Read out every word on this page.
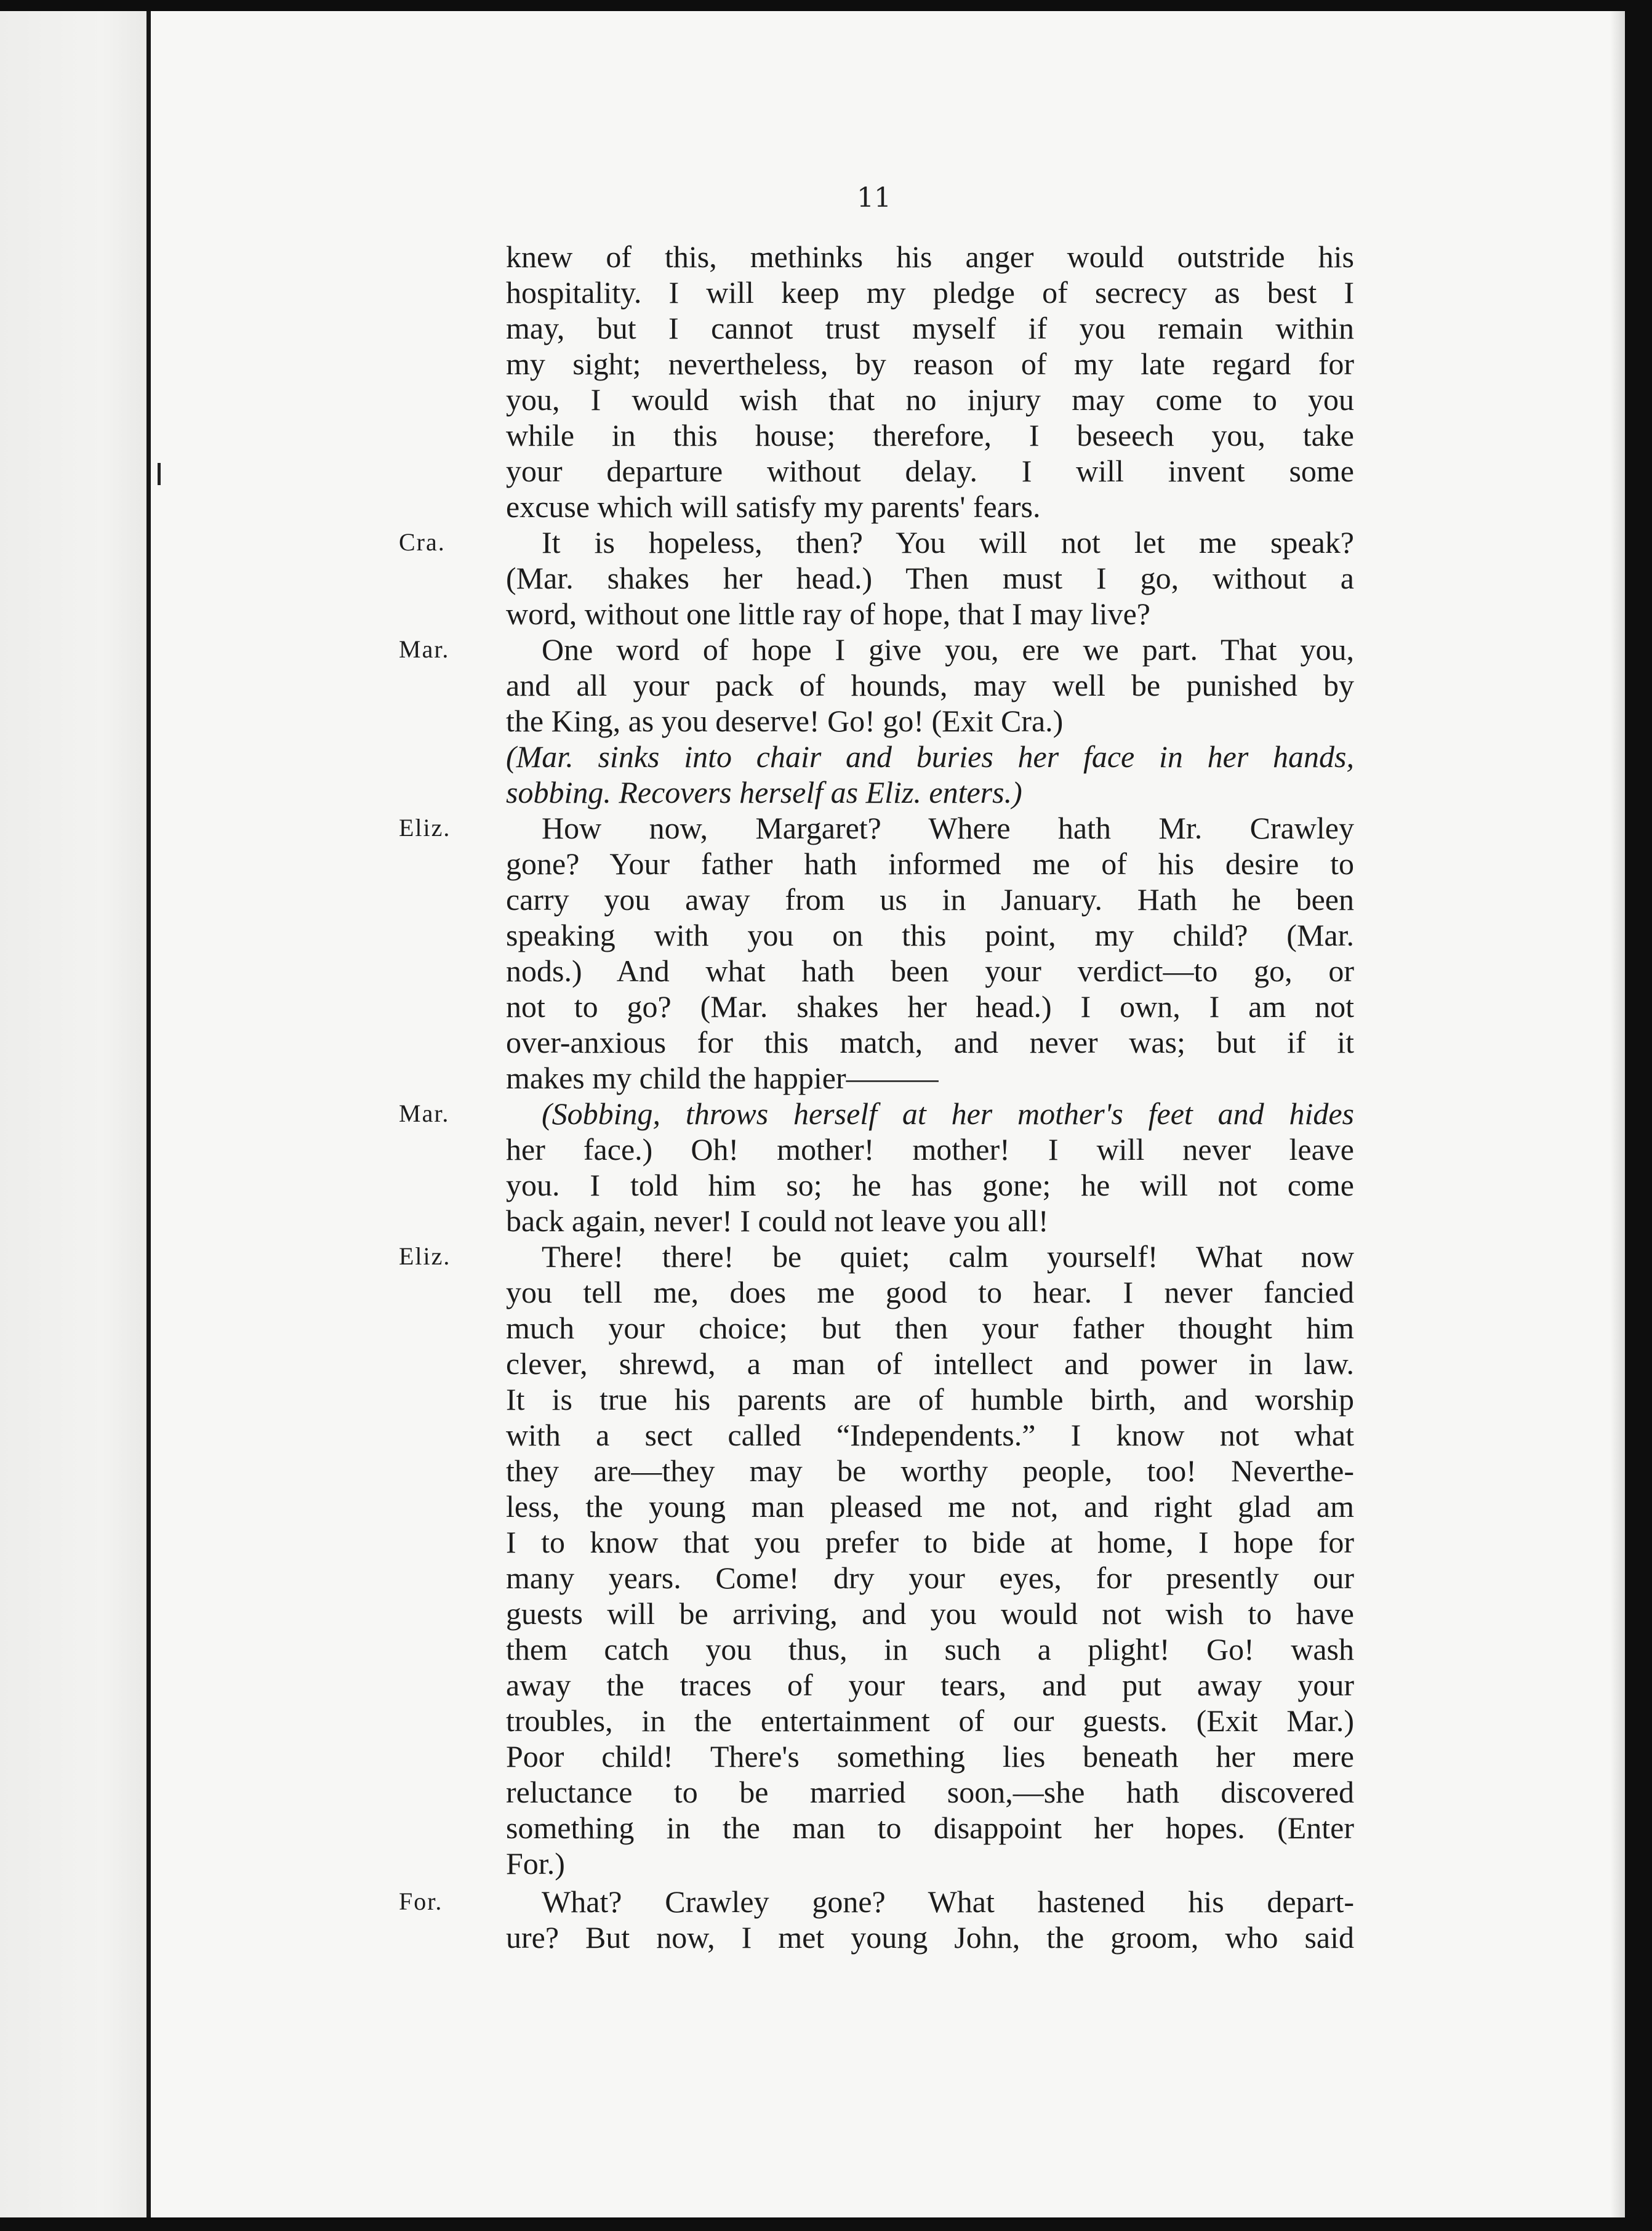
11
Cra.
Mar.
Eliz.
Mar.
Eliz.
For.
knew of this, methinks his anger would outstride his
hospitality. I will keep my pledge of secrecy as best I
may, but I cannot trust myself if you remain within
my sight; nevertheless, by reason of my late regard for
you, I would wish that no injury may come to you
while in this house; therefore, I beseech you, take
your departure without delay. I will invent some
excuse which will satisfy my parents' fears.
It is hopeless, then? You will not let me speak?
(Mar. shakes her head.) Then must I go, without a
word, without one little ray of hope, that I may live?
One word of hope I give you, ere we part. That you,
and all your pack of hounds, may well be punished by
the King, as you deserve! Go! go! (Exit Cra.)
(Mar. sinks into chair and buries her face in her hands,
sobbing. Recovers herself as Eliz. enters.)
How now, Margaret? Where hath Mr. Crawley
gone? Your father hath informed me of his desire to
carry you away from us in January. Hath he been
speaking with you on this point, my child? (Mar.
nods.) And what hath been your verdict—to go, or
not to go? (Mar. shakes her head.) I own, I am not
over-anxious for this match, and never was; but if it
makes my child the happier———
(Sobbing, throws herself at her mother's feet and hides
her face.) Oh! mother! mother! I will never leave
you. I told him so; he has gone; he will not come
back again, never! I could not leave you all!
There! there! be quiet; calm yourself! What now
you tell me, does me good to hear. I never fancied
much your choice; but then your father thought him
clever, shrewd, a man of intellect and power in law.
It is true his parents are of humble birth, and worship
with a sect called “Independents.” I know not what
they are—they may be worthy people, too! Neverthe-
less, the young man pleased me not, and right glad am
I to know that you prefer to bide at home, I hope for
many years. Come! dry your eyes, for presently our
guests will be arriving, and you would not wish to have
them catch you thus, in such a plight! Go! wash
away the traces of your tears, and put away your
troubles, in the entertainment of our guests. (Exit Mar.)
Poor child! There's something lies beneath her mere
reluctance to be married soon,—she hath discovered
something in the man to disappoint her hopes. (Enter
For.)
What? Crawley gone? What hastened his depart-
ure? But now, I met young John, the groom, who said
